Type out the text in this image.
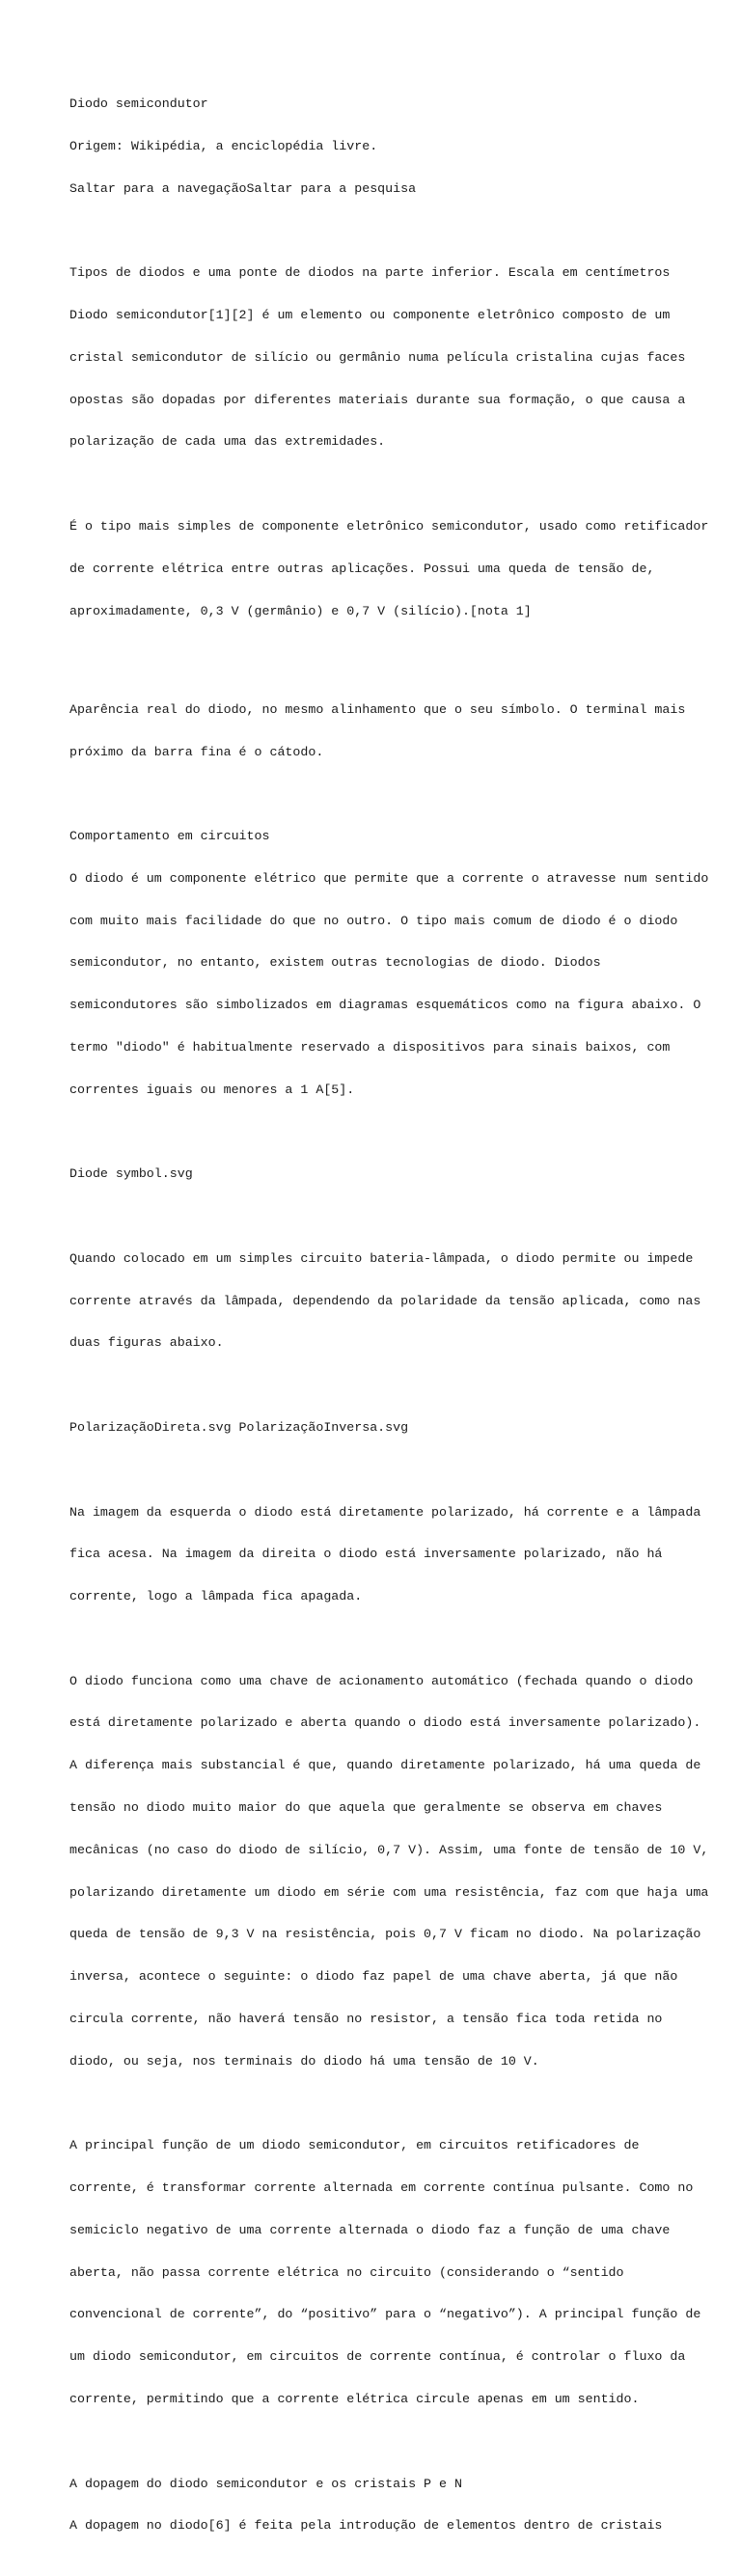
Diodo semicondutor

Origem: Wikipédia, a enciclopédia livre.

Saltar para a navegaçãoSaltar para a pesquisa

Tipos de diodos e uma ponte de diodos na parte inferior. Escala em centímetros

Diodo semicondutor[1][2] é um elemento ou componente eletrônico composto de um

cristal semicondutor de silício ou germânio numa película cristalina cujas faces

opostas são dopadas por diferentes materiais durante sua formação, o que causa a

polarização de cada uma das extremidades.

É o tipo mais simples de componente eletrônico semicondutor, usado como retificador

de corrente elétrica entre outras aplicações. Possui uma queda de tensão de,

aproximadamente, 0,3 V (germânio) e 0,7 V (silício).[nota 1]

Aparência real do diodo, no mesmo alinhamento que o seu símbolo. O terminal mais

próximo da barra fina é o cátodo.

Comportamento em circuitos

O diodo é um componente elétrico que permite que a corrente o atravesse num sentido

com muito mais facilidade do que no outro. O tipo mais comum de diodo é o diodo

semicondutor, no entanto, existem outras tecnologias de diodo. Diodos

semicondutores são simbolizados em diagramas esquemáticos como na figura abaixo. O

termo "diodo" é habitualmente reservado a dispositivos para sinais baixos, com

correntes iguais ou menores a 1 A[5].

Diode symbol.svg

Quando colocado em um simples circuito bateria-lâmpada, o diodo permite ou impede

corrente através da lâmpada, dependendo da polaridade da tensão aplicada, como nas

duas figuras abaixo.

PolarizaçãoDireta.svg PolarizaçãoInversa.svg

Na imagem da esquerda o diodo está diretamente polarizado, há corrente e a lâmpada

fica acesa. Na imagem da direita o diodo está inversamente polarizado, não há

corrente, logo a lâmpada fica apagada.

O diodo funciona como uma chave de acionamento automático (fechada quando o diodo

está diretamente polarizado e aberta quando o diodo está inversamente polarizado).

A diferença mais substancial é que, quando diretamente polarizado, há uma queda de

tensão no diodo muito maior do que aquela que geralmente se observa em chaves

mecânicas (no caso do diodo de silício, 0,7 V). Assim, uma fonte de tensão de 10 V,

polarizando diretamente um diodo em série com uma resistência, faz com que haja uma

queda de tensão de 9,3 V na resistência, pois 0,7 V ficam no diodo. Na polarização

inversa, acontece o seguinte: o diodo faz papel de uma chave aberta, já que não

circula corrente, não haverá tensão no resistor, a tensão fica toda retida no

diodo, ou seja, nos terminais do diodo há uma tensão de 10 V.

A principal função de um diodo semicondutor, em circuitos retificadores de

corrente, é transformar corrente alternada em corrente contínua pulsante. Como no

semiciclo negativo de uma corrente alternada o diodo faz a função de uma chave

aberta, não passa corrente elétrica no circuito (considerando o “sentido

convencional de corrente”, do “positivo” para o “negativo”). A principal função de

um diodo semicondutor, em circuitos de corrente contínua, é controlar o fluxo da

corrente, permitindo que a corrente elétrica circule apenas em um sentido.

A dopagem do diodo semicondutor e os cristais P e N

A dopagem no diodo[6] é feita pela introdução de elementos dentro de cristais
